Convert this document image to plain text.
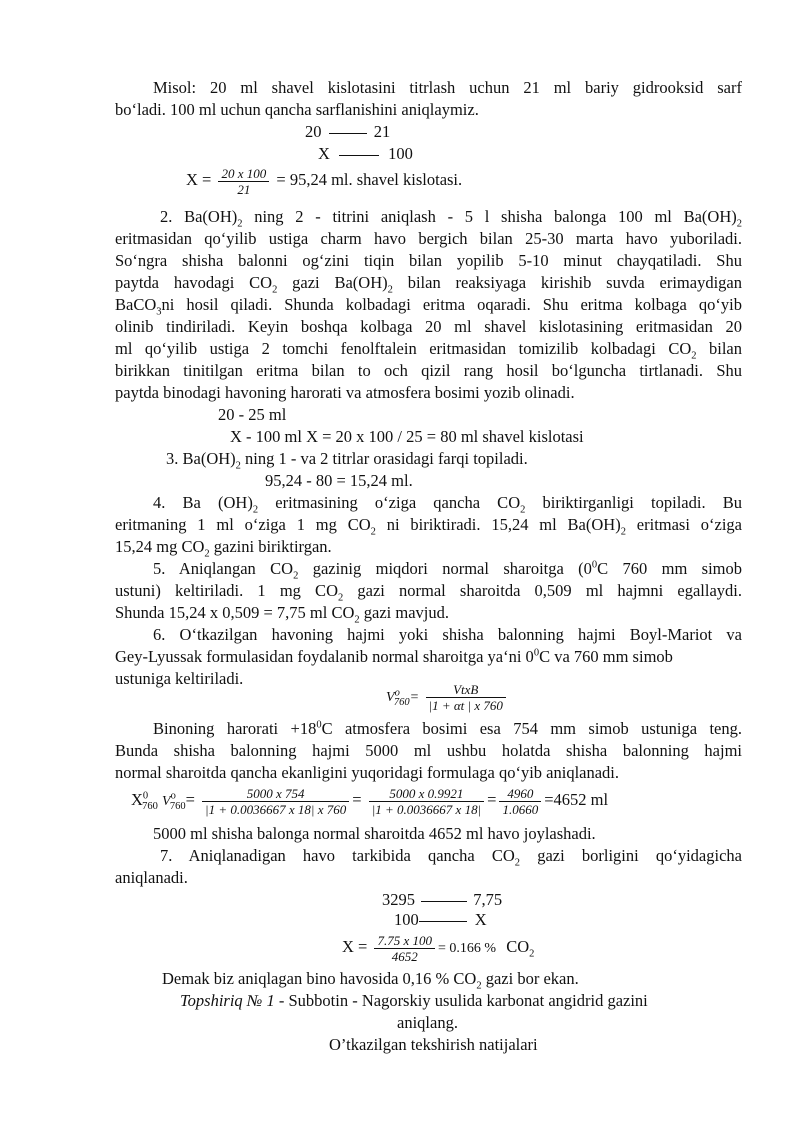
Misol: 20 ml shavel kislotasini titrlash uchun 21 ml bariy gidrooksid sarf
bo‘ladi. 100 ml uchun qancha sarflanishini aniqlaymiz.
20	21
X	100
$X = \frac{20 x 100}{21} = 95,24$ ml. shavel kislotasi.
2. $Ba(OH)_2$ ning 2 - titrini aniqlash - 5 l shisha balonga 100 ml $Ba(OH)_2$
eritmasidan qo‘yilib ustiga charm havo bergich bilan 25-30 marta havo yuboriladi.
So‘ngra shisha balonni og‘zini tiqin bilan yopilib 5-10 minut chayqatiladi. Shu
paytda havodagi $CO_2$ gazi $Ba(OH)_2$ bilan reaksiyaga kirishib suvda erimaydigan
BaCO$_3$ni hosil qiladi. Shunda kolbadagi eritma oqaradi. Shu eritma kolbaga qo‘yib
olinib tindiriladi. Keyin boshqa kolbaga 20 ml shavel kislotasining eritmasidan 20
ml qo‘yilib ustiga 2 tomchi fenolftalein eritmasidan tomizilib kolbadagi $CO_2$ bilan
birikkan tinitilgan eritma bilan to och qizil rang hosil bo‘lguncha tirtlanadi. Shu
paytda binodagi havoning harorati va atmosfera bosimi yozib olinadi.
20 - 25 ml
X - 100 ml X = 20 x 100 / 25 = 80 ml shavel kislotasi
3. $Ba(OH)_2$ ning 1 - va 2 titrlar orasidagi farqi topiladi.
95,24 - 80 = 15,24 ml.
4. Ba $(OH)_2$ eritmasining o‘ziga qancha $CO_2$ biriktirganligi topiladi. Bu
eritmaning 1 ml o‘ziga 1 mg $CO_2$ ni biriktiradi. 15,24 ml $Ba(OH)_2$ eritmasi o‘ziga
15,24 mg $CO_2$ gazini biriktirgan.
5. Aniqlangan $CO_2$ gazinig miqdori normal sharoitga ($0^0C$ 760 mm simob
ustuni) keltiriladi. 1 mg $CO_2$ gazi normal sharoitda 0,509 ml hajmni egallaydi.
Shunda 15,24 x 0,509 = 7,75 ml $CO_2$ gazi mavjud.
6. O‘tkazilgan havoning hajmi yoki shisha balonning hajmi Boyl-Mariot va
Gey-Lyussak formulasidan foydalanib normal sharoitga ya‘ni $0^0C$ va 760 mm simob
ustuniga keltiriladi.
$V^o_{760}=$
VtxB
|1 + αt | x 760
Binoning harorati $+18^0C$ atmosfera bosimi esa 754 mm simob ustuniga teng.
Bunda shisha balonning hajmi 5000 ml ushbu holatda shisha balonning hajmi
normal sharoitda qancha ekanligini yuqoridagi formulaga qo‘yib aniqlanadi.
$X^0_{760}$ $V^o_{760}= \frac{5000 x 754}{|1 + 0.0036667 x 18| x 760} = \frac{5000 x 0.9921}{|1 + 0.0036667 x 18|} = \frac{4960}{1.0660} =4652$ ml
5000 ml shisha balonga normal sharoitda 4652 ml havo joylashadi.
7. Aniqlanadigan havo tarkibida qancha $CO_2$ gazi borligini qo‘yidagicha
aniqlanadi.
3295	7,75
100	X
$X = \frac{7.75 x 100}{4652} = 0.166$ % $CO_2$
Demak biz aniqlagan bino havosida 0,16 % $CO_2$ gazi bor ekan.
Topshiriq № 1 - Subbotin - Nagorskiy usulida karbonat angidrid gazini
aniqlang.
O’tkazilgan tekshirish natijalari
